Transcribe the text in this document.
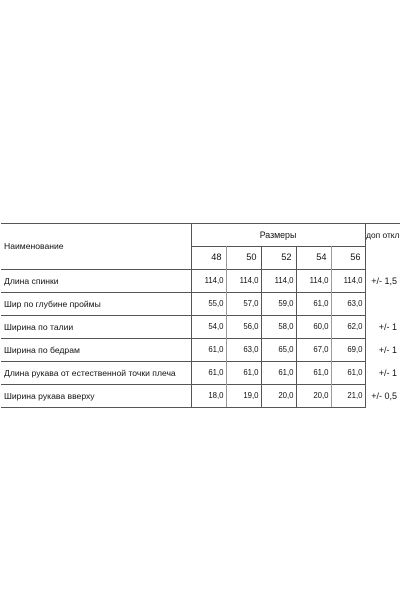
Наименование	Размеры					доп откл
	48	50	52	54	56	
Длина спинки	114,0	114,0	114,0	114,0	114,0	+/- 1,5
Шир по глубине проймы	55,0	57,0	59,0	61,0	63,0	
Ширина по талии	54,0	56,0	58,0	60,0	62,0	+/- 1
Ширина по бедрам	61,0	63,0	65,0	67,0	69,0	+/- 1
Длина рукава от естественной точки плеча	61,0	61,0	61,0	61,0	61,0	+/- 1
Ширина рукава вверху	18,0	19,0	20,0	20,0	21,0	+/- 0,5
